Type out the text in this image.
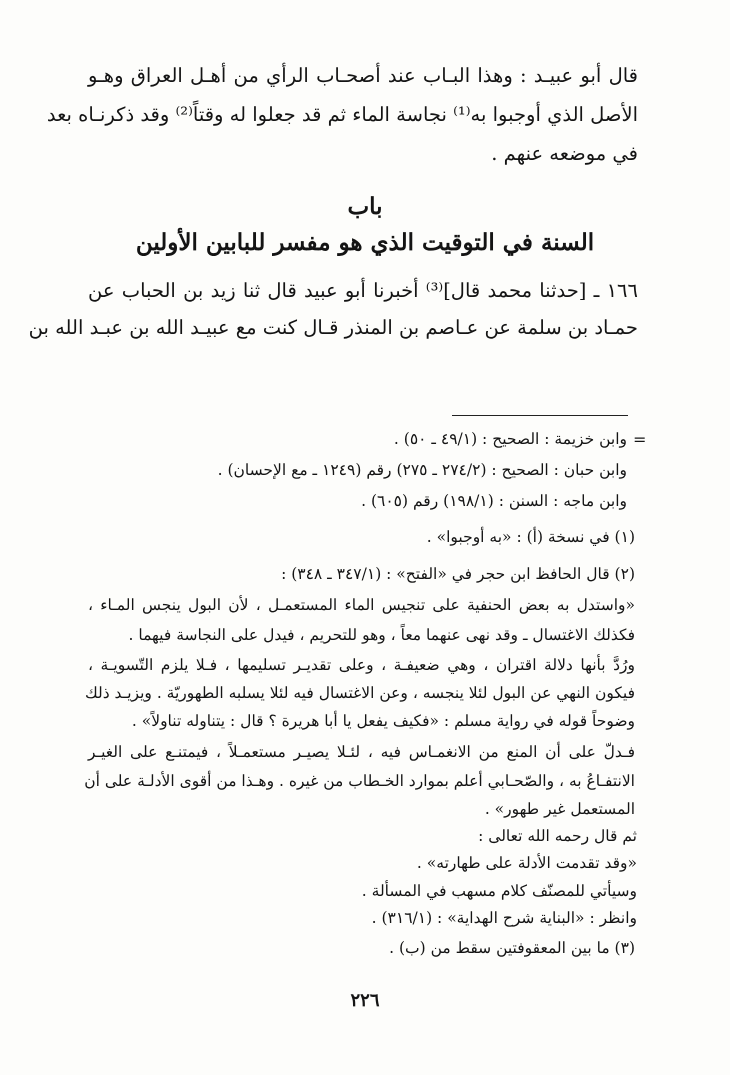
قال أبو عبيـد : وهذا البـاب عند أصحـاب الرأي من أهـل العراق وهـو
الأصل الذي أوجبوا به⁽¹⁾ نجاسة الماء ثم قد جعلوا له وقتاً⁽²⁾ وقد ذكرنـاه بعد
في موضعه عنهم .
باب
السنة في التوقيت الذي هو مفسر للبابين الأولين
١٦٦ ـ [حدثنا محمد قال]⁽³⁾ أخبرنا أبو عبيد قال ثنا زيد بن الحباب عن
حمـاد بن سلمة عن عـاصم بن المنذر قـال كنت مع عبيـد الله بن عبـد الله بن
=
وابن خزيمة : الصحيح : (٤٩/١ ـ ٥٠) .
وابن حبان : الصحيح : (٢٧٤/٢ ـ ٢٧٥) رقم (١٢٤٩ ـ مع الإحسان) .
وابن ماجه : السنن : (١٩٨/١) رقم (٦٠٥) .
(١) في نسخة (أ) : «به أوجبوا» .
(٢) قال الحافظ ابن حجر في «الفتح» : (٣٤٧/١ ـ ٣٤٨) :
«واستدل به بعض الحنفية على تنجيس الماء المستعمـل ، لأن البول ينجس المـاء ،
فكذلك الاغتسال ـ وقد نهى عنهما معاً ، وهو للتحريم ، فيدل على النجاسة فيهما .
ورُدَّ بأنها دلالة اقتران ، وهي ضعيفـة ، وعلى تقديـر تسليمها ، فـلا يلزم التّسويـة ،
فيكون النهي عن البول لئلا ينجسه ، وعن الاغتسال فيه لئلا يسلبه الطهوريّة . ويزيـد ذلك
وضوحاً قوله في رواية مسلم : «فكيف يفعل يا أبا هريرة ؟ قال : يتناوله تناولاً» .
فـدلّ على أن المنع من الانغمـاس فيه ، لئـلا يصيـر مستعمـلاً ، فيمتنـع على الغيـر
الانتفـاعُ به ، والصّحـابي أعلم بموارد الخـطاب من غيره . وهـذا من أقوى الأدلـة على أن
المستعمل غير طهور» .
ثم قال رحمه الله تعالى :
«وقد تقدمت الأدلة على طهارته» .
وسيأتي للمصنّف كلام مسهب في المسألة .
وانظر : «البناية شرح الهداية» : (٣١٦/١) .
(٣) ما بين المعقوفتين سقط من (ب) .
٢٢٦
